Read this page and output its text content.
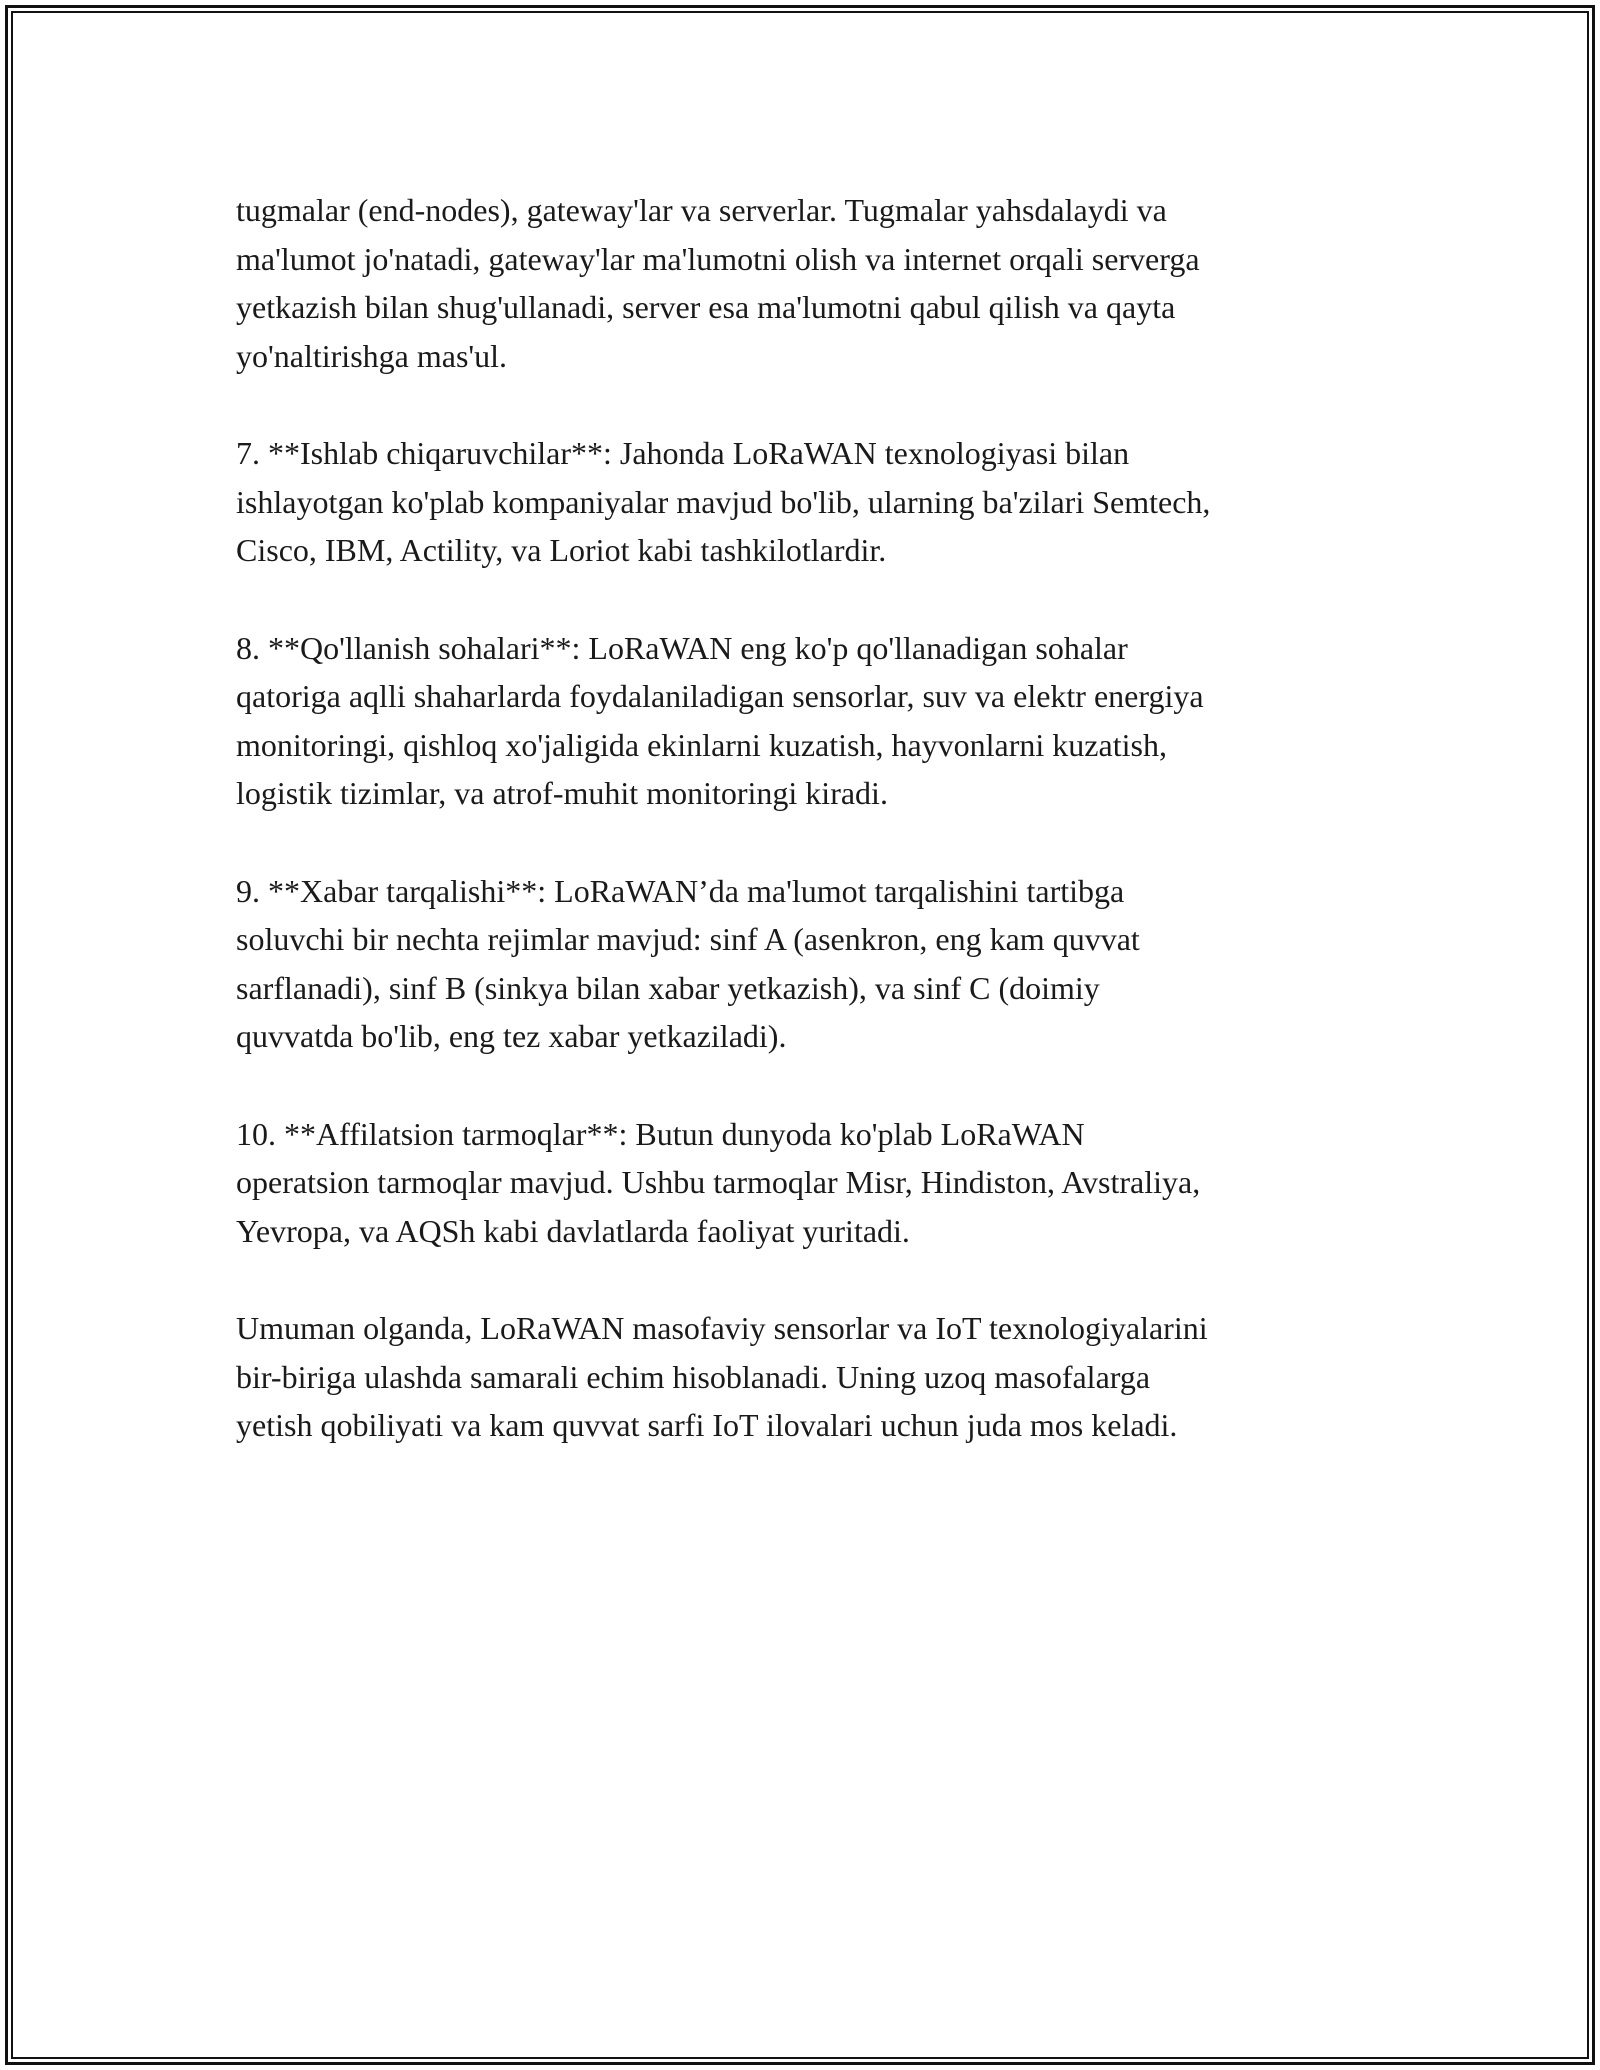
tugmalar (end-nodes), gateway'lar va serverlar. Tugmalar yahsdalaydi va
ma'lumot jo'natadi, gateway'lar ma'lumotni olish va internet orqali serverga
yetkazish bilan shug'ullanadi, server esa ma'lumotni qabul qilish va qayta
yo'naltirishga mas'ul.

7. **Ishlab chiqaruvchilar**: Jahonda LoRaWAN texnologiyasi bilan
ishlayotgan ko'plab kompaniyalar mavjud bo'lib, ularning ba'zilari Semtech,
Cisco, IBM, Actility, va Loriot kabi tashkilotlardir.

8. **Qo'llanish sohalari**: LoRaWAN eng ko'p qo'llanadigan sohalar
qatoriga aqlli shaharlarda foydalaniladigan sensorlar, suv va elektr energiya
monitoringi, qishloq xo'jaligida ekinlarni kuzatish, hayvonlarni kuzatish,
logistik tizimlar, va atrof-muhit monitoringi kiradi.

9. **Xabar tarqalishi**: LoRaWAN’da ma'lumot tarqalishini tartibga
soluvchi bir nechta rejimlar mavjud: sinf A (asenkron, eng kam quvvat
sarflanadi), sinf B (sinkya bilan xabar yetkazish), va sinf C (doimiy
quvvatda bo'lib, eng tez xabar yetkaziladi).

10. **Affilatsion tarmoqlar**: Butun dunyoda ko'plab LoRaWAN
operatsion tarmoqlar mavjud. Ushbu tarmoqlar Misr, Hindiston, Avstraliya,
Yevropa, va AQSh kabi davlatlarda faoliyat yuritadi.

Umuman olganda, LoRaWAN masofaviy sensorlar va IoT texnologiyalarini
bir-biriga ulashda samarali echim hisoblanadi. Uning uzoq masofalarga
yetish qobiliyati va kam quvvat sarfi IoT ilovalari uchun juda mos keladi.
